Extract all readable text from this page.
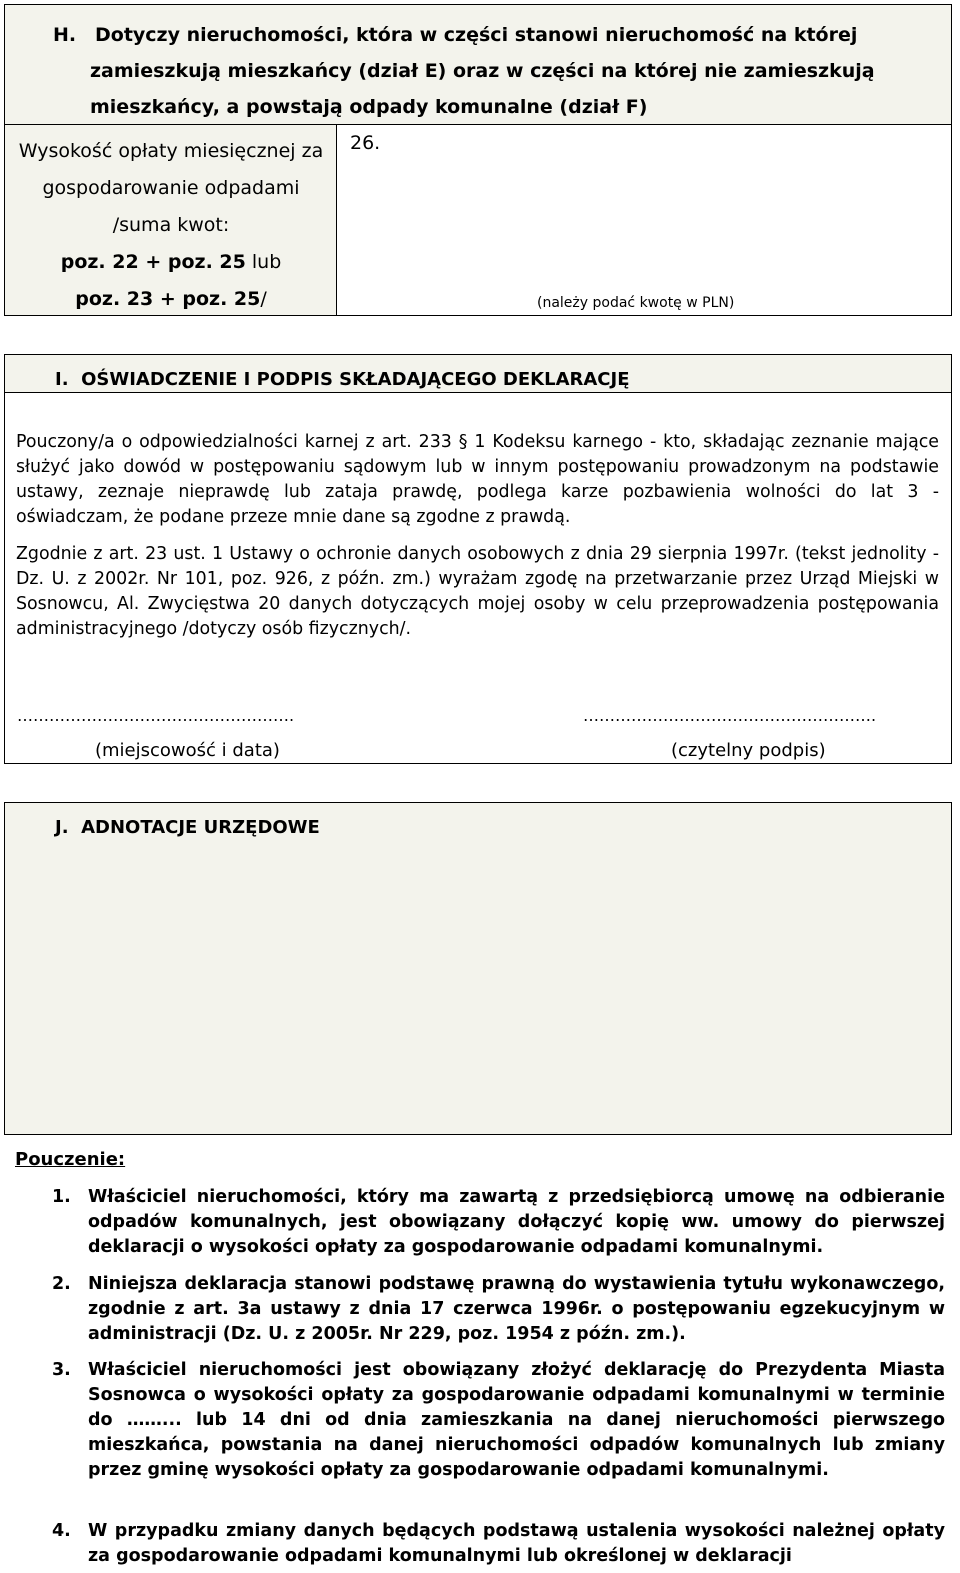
H. Dotyczy nieruchomości, która w części stanowi nieruchomość na której
zamieszkują mieszkańcy (dział E) oraz w części na której nie zamieszkują
mieszkańcy, a powstają odpady komunalne (dział F)
Wysokość opłaty miesięcznej za
gospodarowanie odpadami
/suma kwot:
poz. 22 + poz. 25 lub
poz. 23 + poz. 25/
26.
(należy podać kwotę w PLN)
I. OŚWIADCZENIE I PODPIS SKŁADAJĄCEGO DEKLARACJĘ
Pouczony/a o odpowiedzialności karnej z art. 233 § 1 Kodeksu karnego - kto, składając zeznanie mające służyć jako dowód w postępowaniu sądowym lub w innym postępowaniu prowadzonym na podstawie ustawy, zeznaje nieprawdę lub zataja prawdę, podlega karze pozbawienia wolności do lat 3 - oświadczam, że podane przeze mnie dane są zgodne z prawdą.
Zgodnie z art. 23 ust. 1 Ustawy o ochronie danych osobowych z dnia 29 sierpnia 1997r. (tekst jednolity - Dz. U. z 2002r. Nr 101, poz. 926, z późn. zm.) wyrażam zgodę na przetwarzanie przez Urząd Miejski w Sosnowcu, Al. Zwycięstwa 20 danych dotyczących mojej osoby w celu przeprowadzenia postępowania administracyjnego /dotyczy osób fizycznych/.
…………………………………………….	……………………………………………….
(miejscowość i data)	(czytelny podpis)
J. ADNOTACJE URZĘDOWE
Pouczenie:
1. Właściciel nieruchomości, który ma zawartą z przedsiębiorcą umowę na odbieranie odpadów komunalnych, jest obowiązany dołączyć kopię ww. umowy do pierwszej deklaracji o wysokości opłaty za gospodarowanie odpadami komunalnymi.
2. Niniejsza deklaracja stanowi podstawę prawną do wystawienia tytułu wykonawczego, zgodnie z art. 3a ustawy z dnia 17 czerwca 1996r. o postępowaniu egzekucyjnym w administracji (Dz. U. z 2005r. Nr 229, poz. 1954 z późn. zm.).
3. Właściciel nieruchomości jest obowiązany złożyć deklarację do Prezydenta Miasta Sosnowca o wysokości opłaty za gospodarowanie odpadami komunalnymi w terminie do ……... lub 14 dni od dnia zamieszkania na danej nieruchomości pierwszego mieszkańca, powstania na danej nieruchomości odpadów komunalnych lub zmiany przez gminę wysokości opłaty za gospodarowanie odpadami komunalnymi.
4. W przypadku zmiany danych będących podstawą ustalenia wysokości należnej opłaty za gospodarowanie odpadami komunalnymi lub określonej w deklaracji
